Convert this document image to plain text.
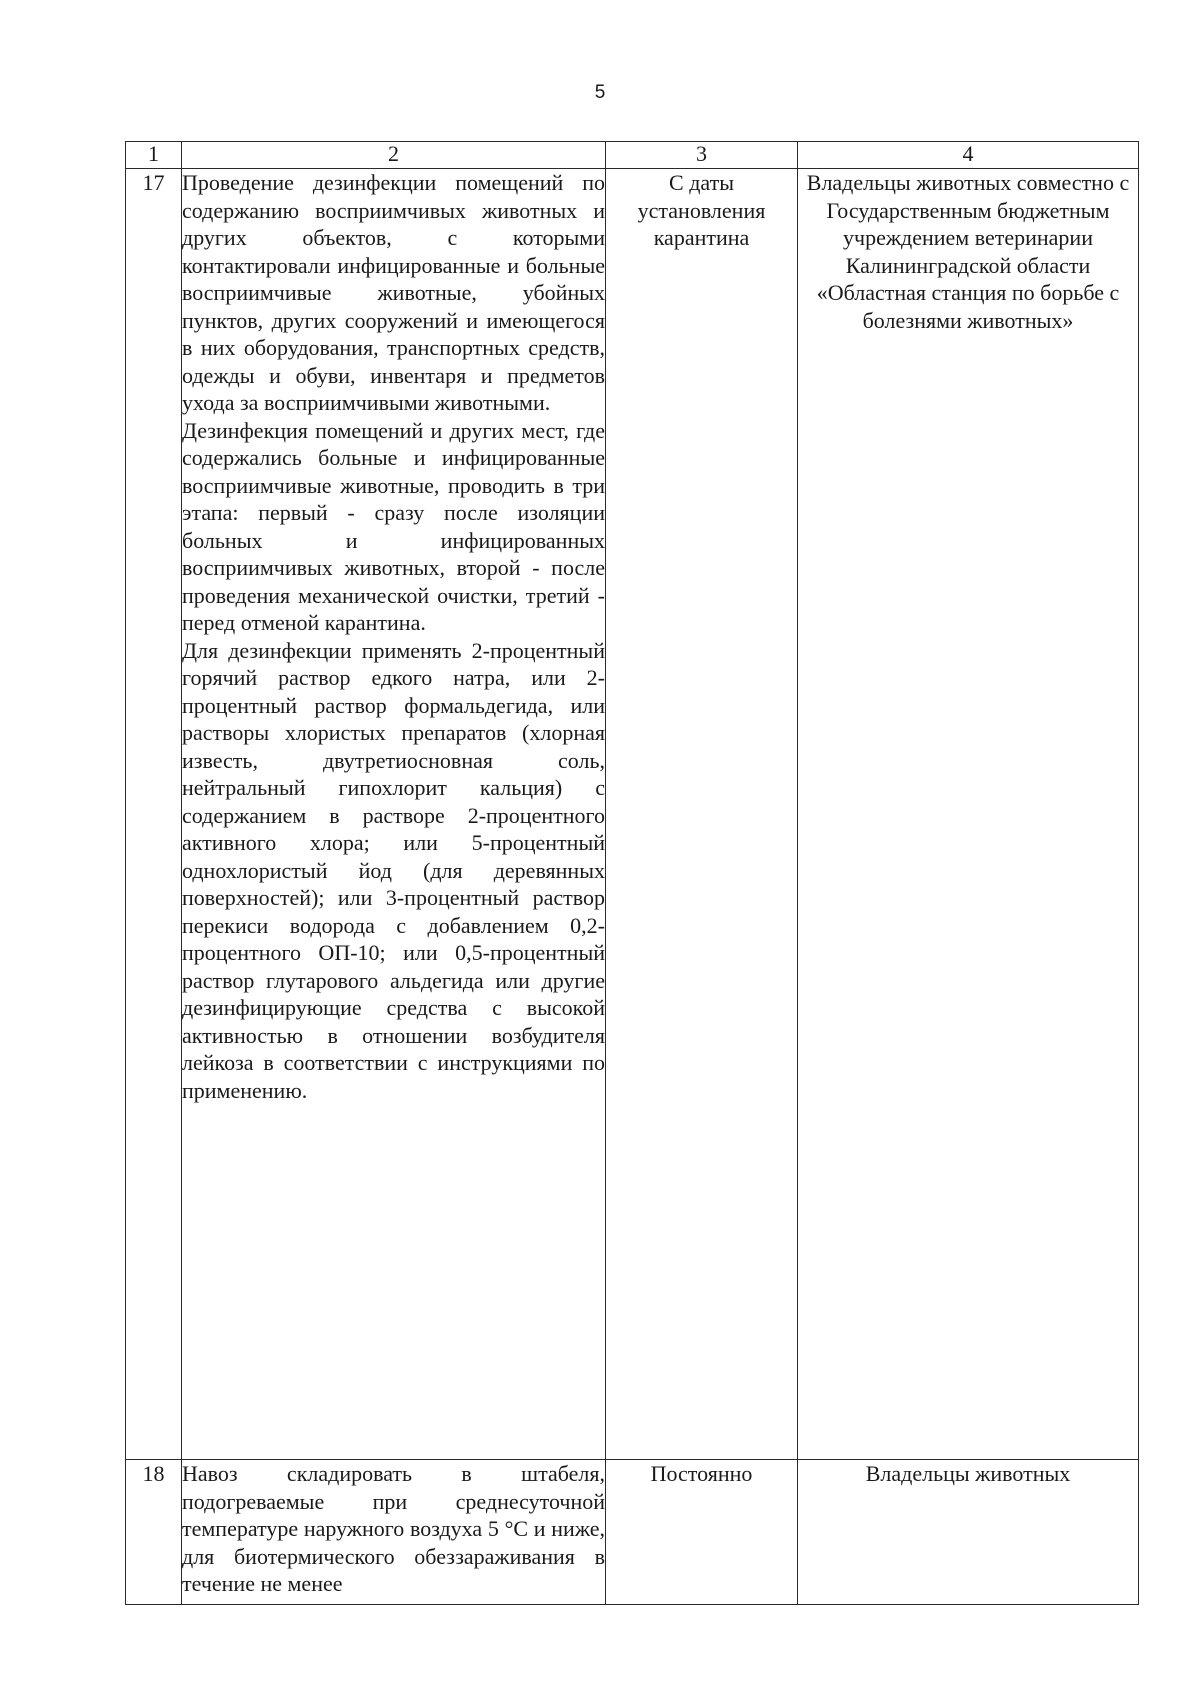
5
1	2	3	4
17	Проведение дезинфекции помещений по содержанию восприимчивых животных и других объектов, с которыми контактировали инфицированные и больные восприимчивые животные, убойных пунктов, других сооружений и имеющегося в них оборудования, транспортных средств, одежды и обуви, инвентаря и предметов ухода за восприимчивыми животными.
Дезинфекция помещений и других мест, где содержались больные и инфицированные восприимчивые животные, проводить в три этапа: первый - сразу после изоляции больных и инфицированных восприимчивых животных, второй - после проведения механической очистки, третий - перед отменой карантина.
Для дезинфекции применять 2-процентный горячий раствор едкого натра, или 2-процентный раствор формальдегида, или растворы хлористых препаратов (хлорная известь, двутретиосновная соль, нейтральный гипохлорит кальция) с содержанием в растворе 2-процентного активного хлора; или 5-процентный однохлористый йод (для деревянных поверхностей); или 3-процентный раствор перекиси водорода с добавлением 0,2-процентного ОП-10; или 0,5-процентный раствор глутарового альдегида или другие дезинфицирующие средства с высокой активностью в отношении возбудителя лейкоза в соответствии с инструкциями по применению.	С даты установления карантина	Владельцы животных совместно с Государственным бюджетным учреждением ветеринарии Калининградской области «Областная станция по борьбе с болезнями животных»
18	Навоз складировать в штабеля, подогреваемые при среднесуточной температуре наружного воздуха 5 °С и ниже, для биотермического обеззараживания в течение не менее	Постоянно	Владельцы животных
